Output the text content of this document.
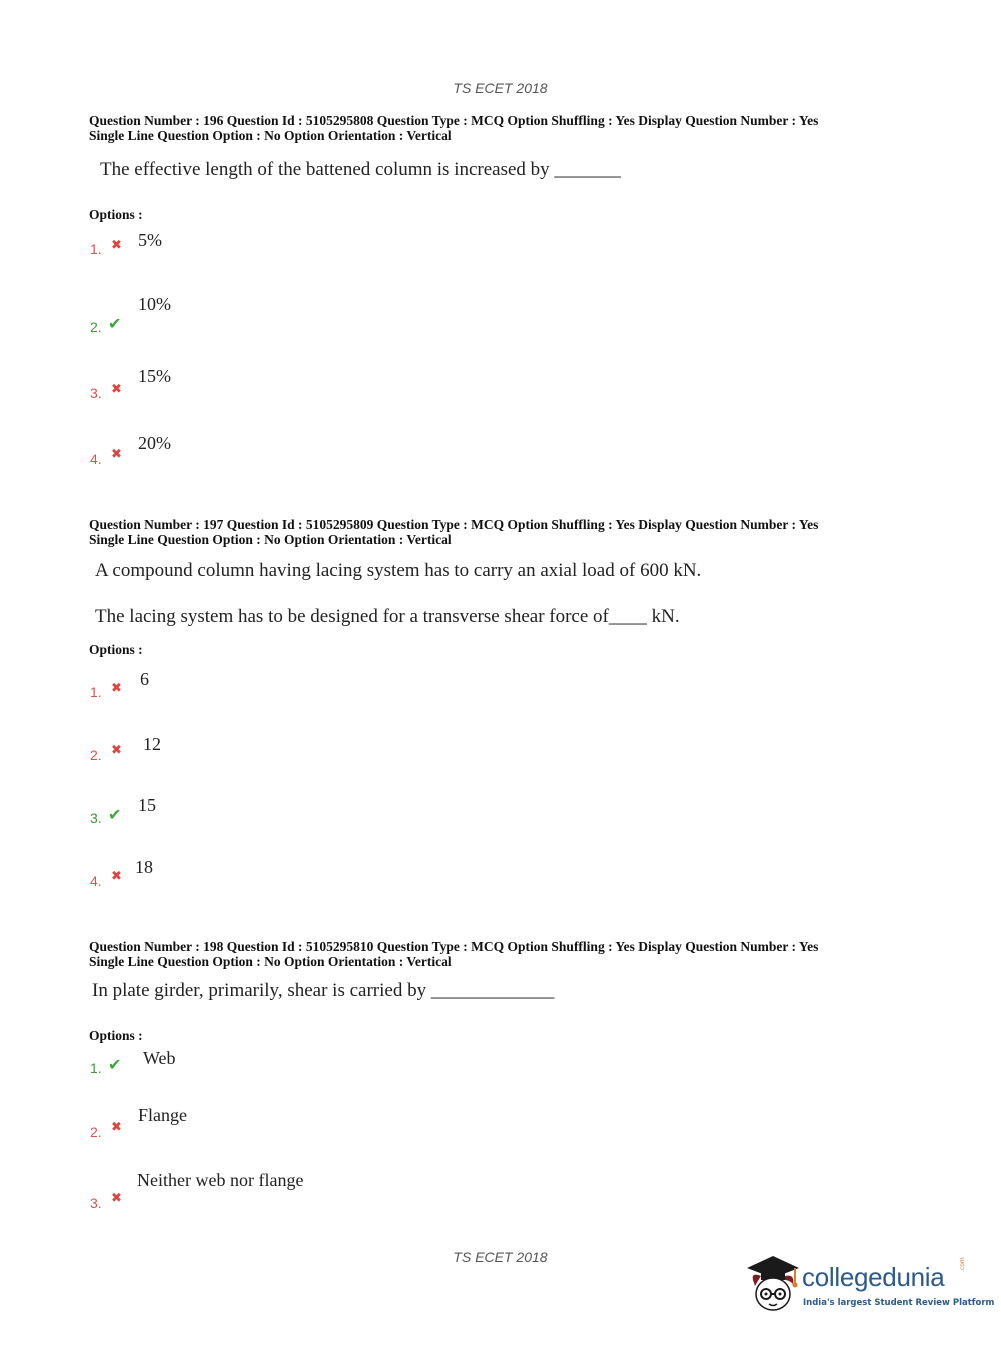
TS ECET 2018
Question Number : 196 Question Id : 5105295808 Question Type : MCQ Option Shuffling : Yes Display Question Number : Yes
Single Line Question Option : No Option Orientation : Vertical
The effective length of the battened column is increased by _______
Options :
1. ✖ 5%
2. ✔
10%
3. ✖
15%
4. ✖
20%
Question Number : 197 Question Id : 5105295809 Question Type : MCQ Option Shuffling : Yes Display Question Number : Yes
Single Line Question Option : No Option Orientation : Vertical
A compound column having lacing system has to carry an axial load of 600 kN.
The lacing system has to be designed for a transverse shear force of____ kN.
Options :
1. ✖ 6
2. ✖ 12
3. ✔ 15
4. ✖ 18
Question Number : 198 Question Id : 5105295810 Question Type : MCQ Option Shuffling : Yes Display Question Number : Yes
Single Line Question Option : No Option Orientation : Vertical
In plate girder, primarily, shear is carried by _____________
Options :
1. ✔ Web
2. ✖
Flange
3. ✖
Neither web nor flange
TS ECET 2018
collegedunia .com
India's largest Student Review Platform
